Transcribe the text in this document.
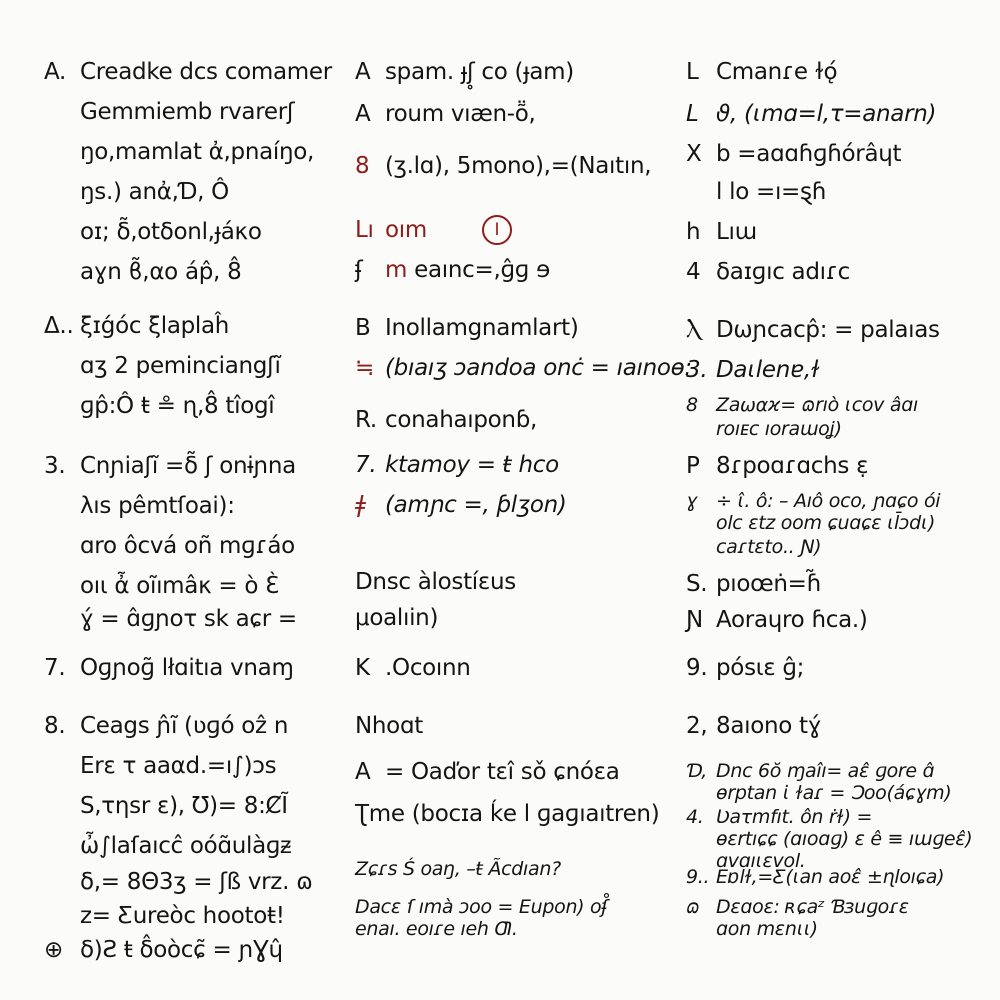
A. Creadke dcs comamer
Gemmiemb rvarerʃ
ŋo,mamlat ἀ,pnaíŋo,
ŋs.) anἀ,Ɗ, Ô
oɪ; δ̃,otδonl,ɟáκo
aɣn ϐ̃,αο áp̂, 8̂
Δ.. ξɪǵóc ξlaplaĥ
ɑʒ 2 peminciangʃĩ
ɡp̂:Ô ŧ ≗ ɳ,8̂ tîogî
3. Cnɲiaʃĩ =δ̃ ʃ onɨɲna
λıs pêmtſoai):
ɑro ôcvá oñ mɡɾáo
oıι ἆ oĩımâκ = ὸ Ɛ̀
ɣ́ = ɑ̂ɡɲoτ sk aɕr =
7. Oɡɲoɡ̃ lłɑitıa vnaɱ
8. Ceags ɲ̂ĩ (ʋɡó oẑ n
Erε τ aaαd.=ı∫)ɔs
S,τηsr ε), Ʊ)= 8:ȻĨ
ὦ∫laſaıcĉ oóɑ̃ulàɡᵶ
δ,= 8Θ3ʒ = ʃß vrz. ɷ
z= Ƹureòc hootoŧ!
⊕ δ)Ƨ ŧ δ̂oὸcɕ̃ = ɲƔɥ̂
A spam. ɟʃ̥ co (ɟam)
A roum vıæn-ṏ,
8 (ʒ.lɑ), 5mono),=(Naıtın,
Lı oım
ʄ m eaınc=,ɡ̂ɡ ɘ
B Inollamgnamlart)
≒ (bıaıʒ ɔandoa onċ = ıaınoɵ:
R. conahaıponɓ,
7. ktamoy = ŧ hco
ǂ (amɲc =, ƥlʒon)
Dnsc àlostíɛus
μoalıin)
K .Ocoınn
Nhoɑt
A = Oaďor tɛî sǒ ɕnóɛa
Ʈme (bocɪa ḱe l ɡaɡıaıtren)
Zɕɾs Ś oaŋ, –ŧ Ãcdıan?
Dacɛ ſ ımà ɔoo = Eupon) oʄ̊
enaı. eoıɾe ıeh Ƣ.
I
L Cmanɾe ɫǫ́
L ϑ, (ɩmɑ=l,τ=anarn)
X b =aɑɑɦɡɦórâɥt
l lo =ı=ȿɦ
h Lıɯ
4 δaɪɡıc adıɾc
Ⲗ Dωɲcacp̂: = palaıas
3. Daɩlenɐ,ɫ
8 Zaωαϰ= ɷrıò ɩcov âɑı
roıᴇc ıoraɯoʝ)
P 8ɾpoɑɾɑchs ɛ̣
ɣ ÷ ɩ̂. ô: – Aıô oco, ɲɑɕo ói
olc ɛtz oom ɕuɑɕɛ ɩl̄ɔdɩ)
caɾtɛto.. Ɲ)
S. pıoœṅ=ɦ̃
Ɲ Aoraɥro ɦca.)
9. pósɩɛ ɡ̂;
2, 8aıono tɣ́
Ɗ, Dnc 6ŏ ɱaîı= aɛ̂ ɡore ɑ̂
ɵrptan ɩ̇ ɫaɾ = Ɔoo(áɕɣm)
4. Ʋaτmfıt. ôn ṙɫ) =
ɵɛrtıɕɕ (ɑıoɑɡ) ɛ ê ≡ ıɯɡeɛ̂)
ɑvɑıɩɛvol.
9.. Eɒlɫ,=Ƹ(ɩan aoɛ̂ ±ɳloıɕa)
ɷ Dɛɑoɛ: ʀɕaᶻ Ɓɜuɡoɾɛ
ɑon mɛnɩɩ)
